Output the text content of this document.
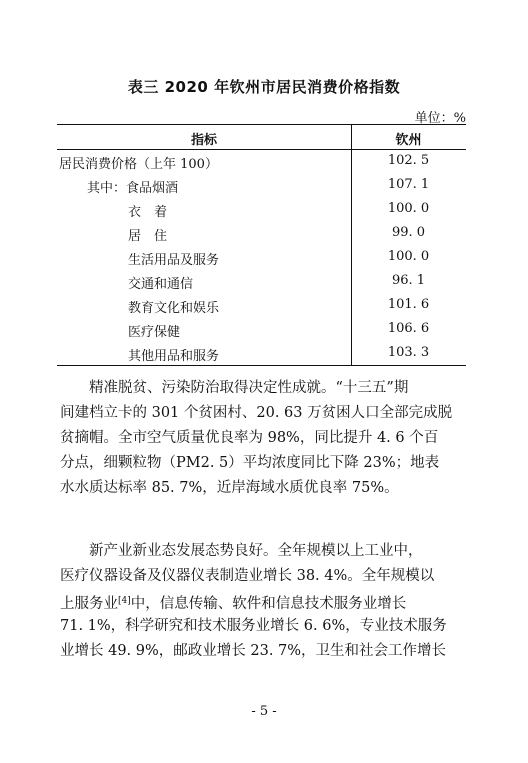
表三 2020 年钦州市居民消费价格指数
单位：%
指标	钦州
居民消费价格（上年 100）	102. 5
其中：食品烟酒	107. 1
衣　着	100. 0
居　住	99. 0
生活用品及服务	100. 0
交通和通信	96. 1
教育文化和娱乐	101. 6
医疗保健	106. 6
其他用品和服务	103. 3
精准脱贫、污染防治取得决定性成就。“十三五”期
间建档立卡的 301 个贫困村、20. 63 万贫困人口全部完成脱
贫摘帽。全市空气质量优良率为 98%，同比提升 4. 6 个百
分点，细颗粒物（PM2. 5）平均浓度同比下降 23%；地表
水水质达标率 85. 7%，近岸海域水质优良率 75%。
新产业新业态发展态势良好。全年规模以上工业中，
医疗仪器设备及仪器仪表制造业增长 38. 4%。全年规模以
上服务业[4]中，信息传输、软件和信息技术服务业增长
71. 1%，科学研究和技术服务业增长 6. 6%，专业技术服务
业增长 49. 9%，邮政业增长 23. 7%，卫生和社会工作增长
- 5 -
